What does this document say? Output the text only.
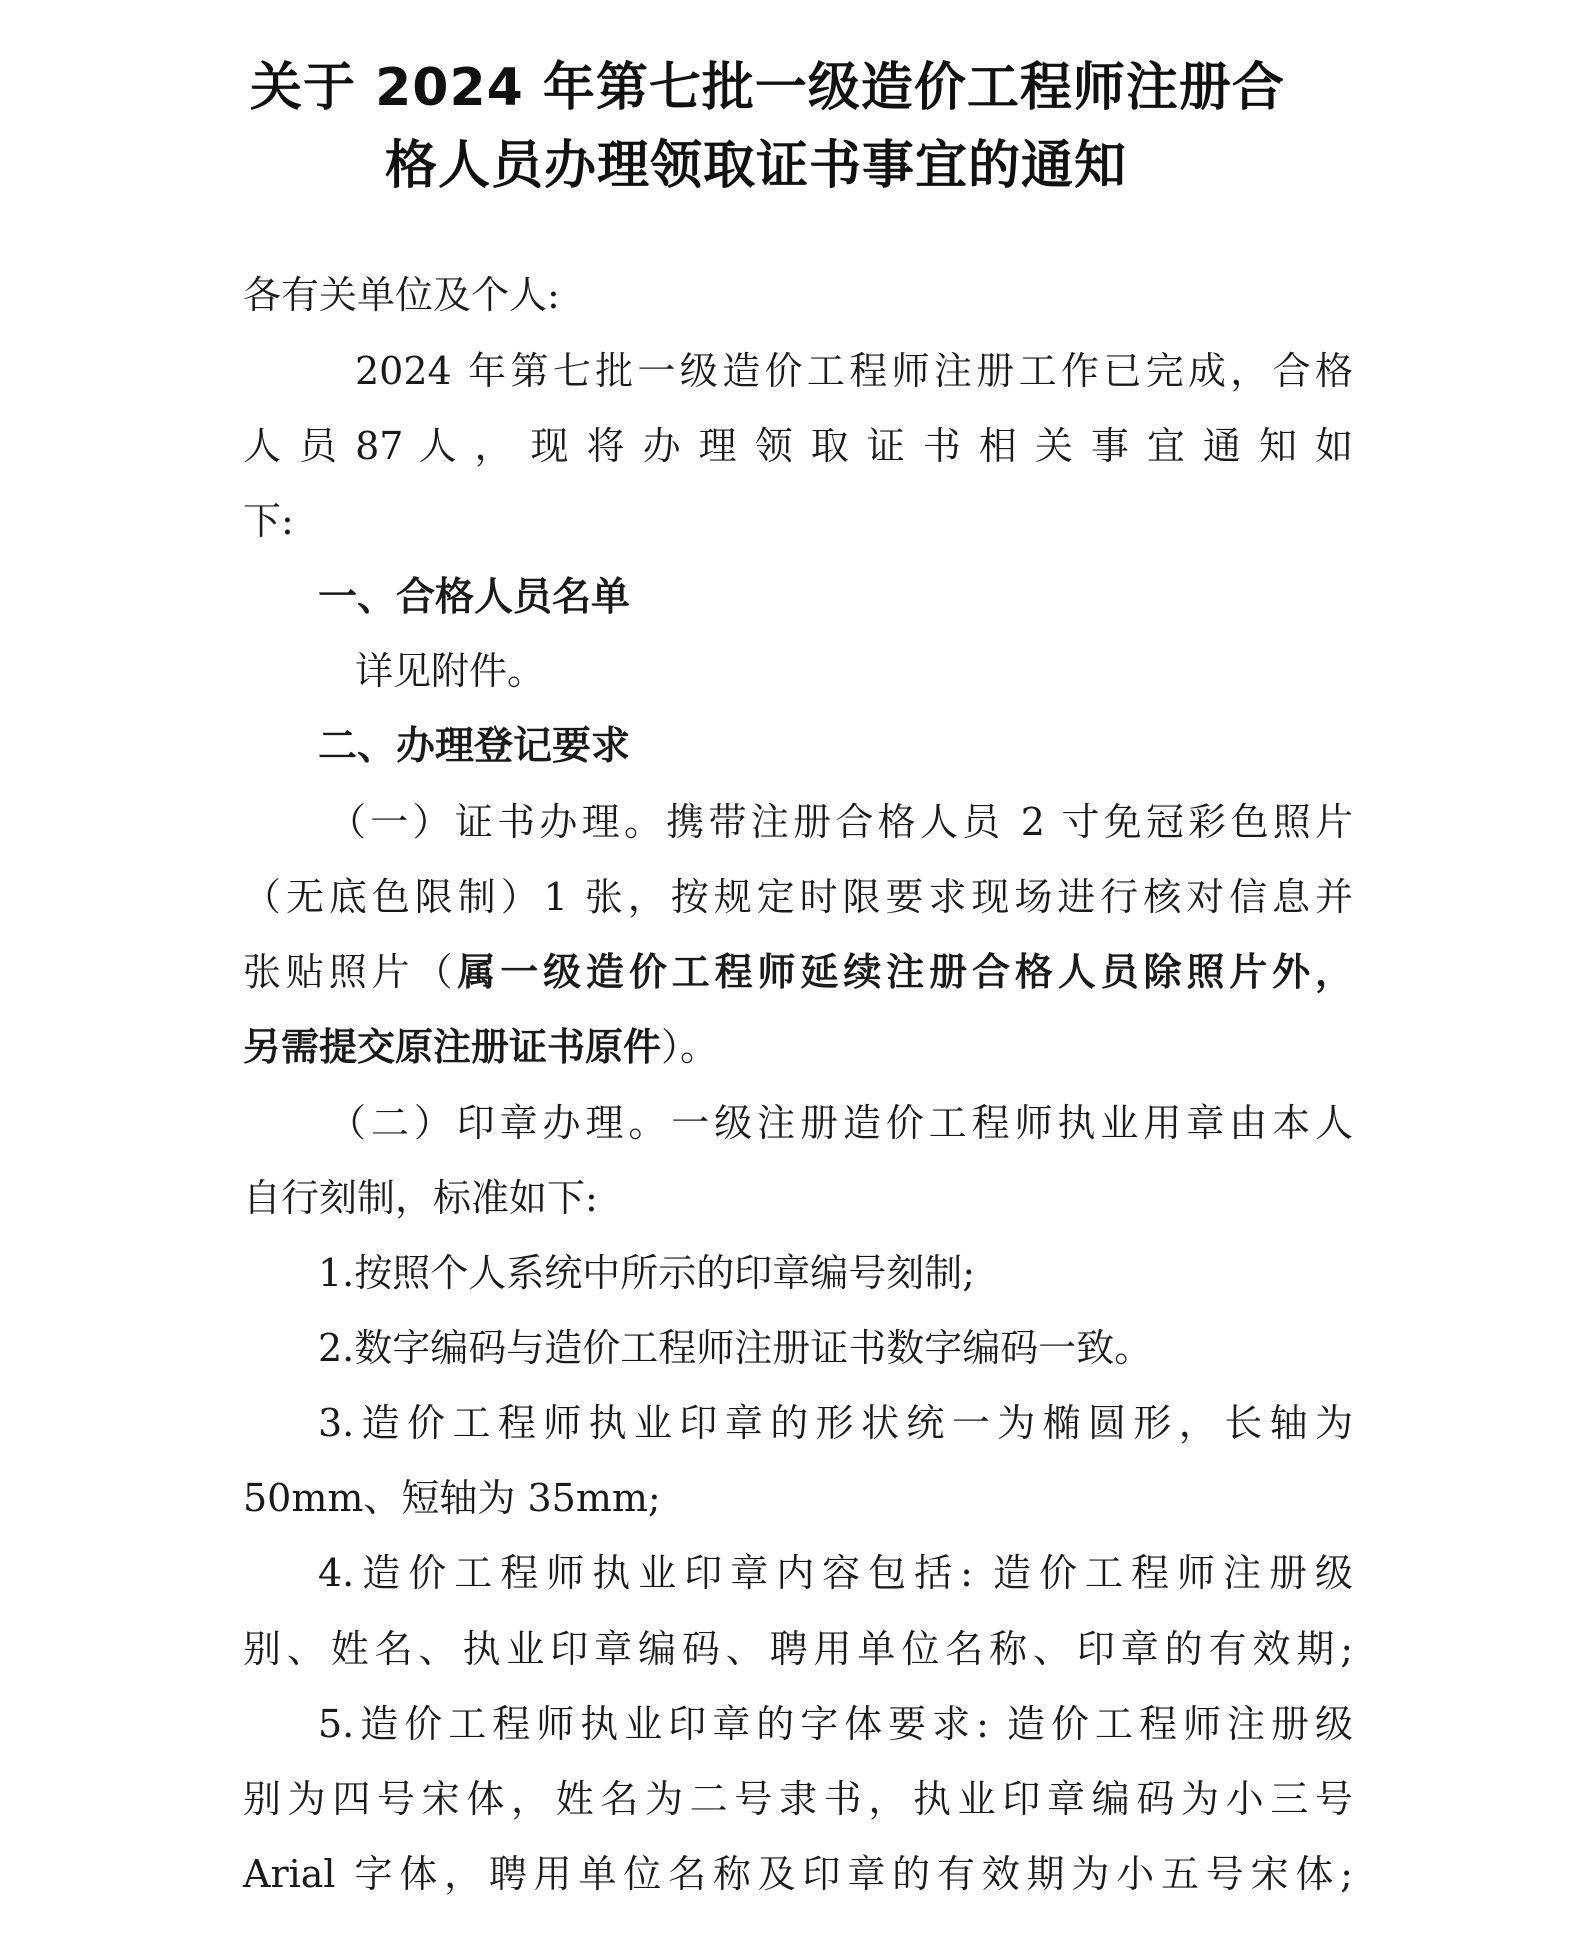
关于 2024 年第七批一级造价工程师注册合
格人员办理领取证书事宜的通知

各有关单位及个人:

2024 年第七批一级造价工程师注册工作已完成，合格

人 员 87 人 ， 现 将 办 理 领 取 证 书 相 关 事 宜 通 知 如

下:

一、合格人员名单

详见附件。

二、办理登记要求

（一）证书办理。携带注册合格人员 2 寸免冠彩色照片

（无底色限制）1 张，按规定时限要求现场进行核对信息并

张贴照片（属一级造价工程师延续注册合格人员除照片外，

另需提交原注册证书原件）。

（二）印章办理。一级注册造价工程师执业用章由本人

自行刻制，标准如下:

1.按照个人系统中所示的印章编号刻制;

2.数字编码与造价工程师注册证书数字编码一致。

3.造价工程师执业印章的形状统一为椭圆形，长轴为

50mm、短轴为 35mm;

4.造价工程师执业印章内容包括: 造价工程师注册级

别、姓名、执业印章编码、聘用单位名称、印章的有效期;

5.造价工程师执业印章的字体要求: 造价工程师注册级

别为四号宋体，姓名为二号隶书，执业印章编码为小三号

Arial 字体，聘用单位名称及印章的有效期为小五号宋体;
